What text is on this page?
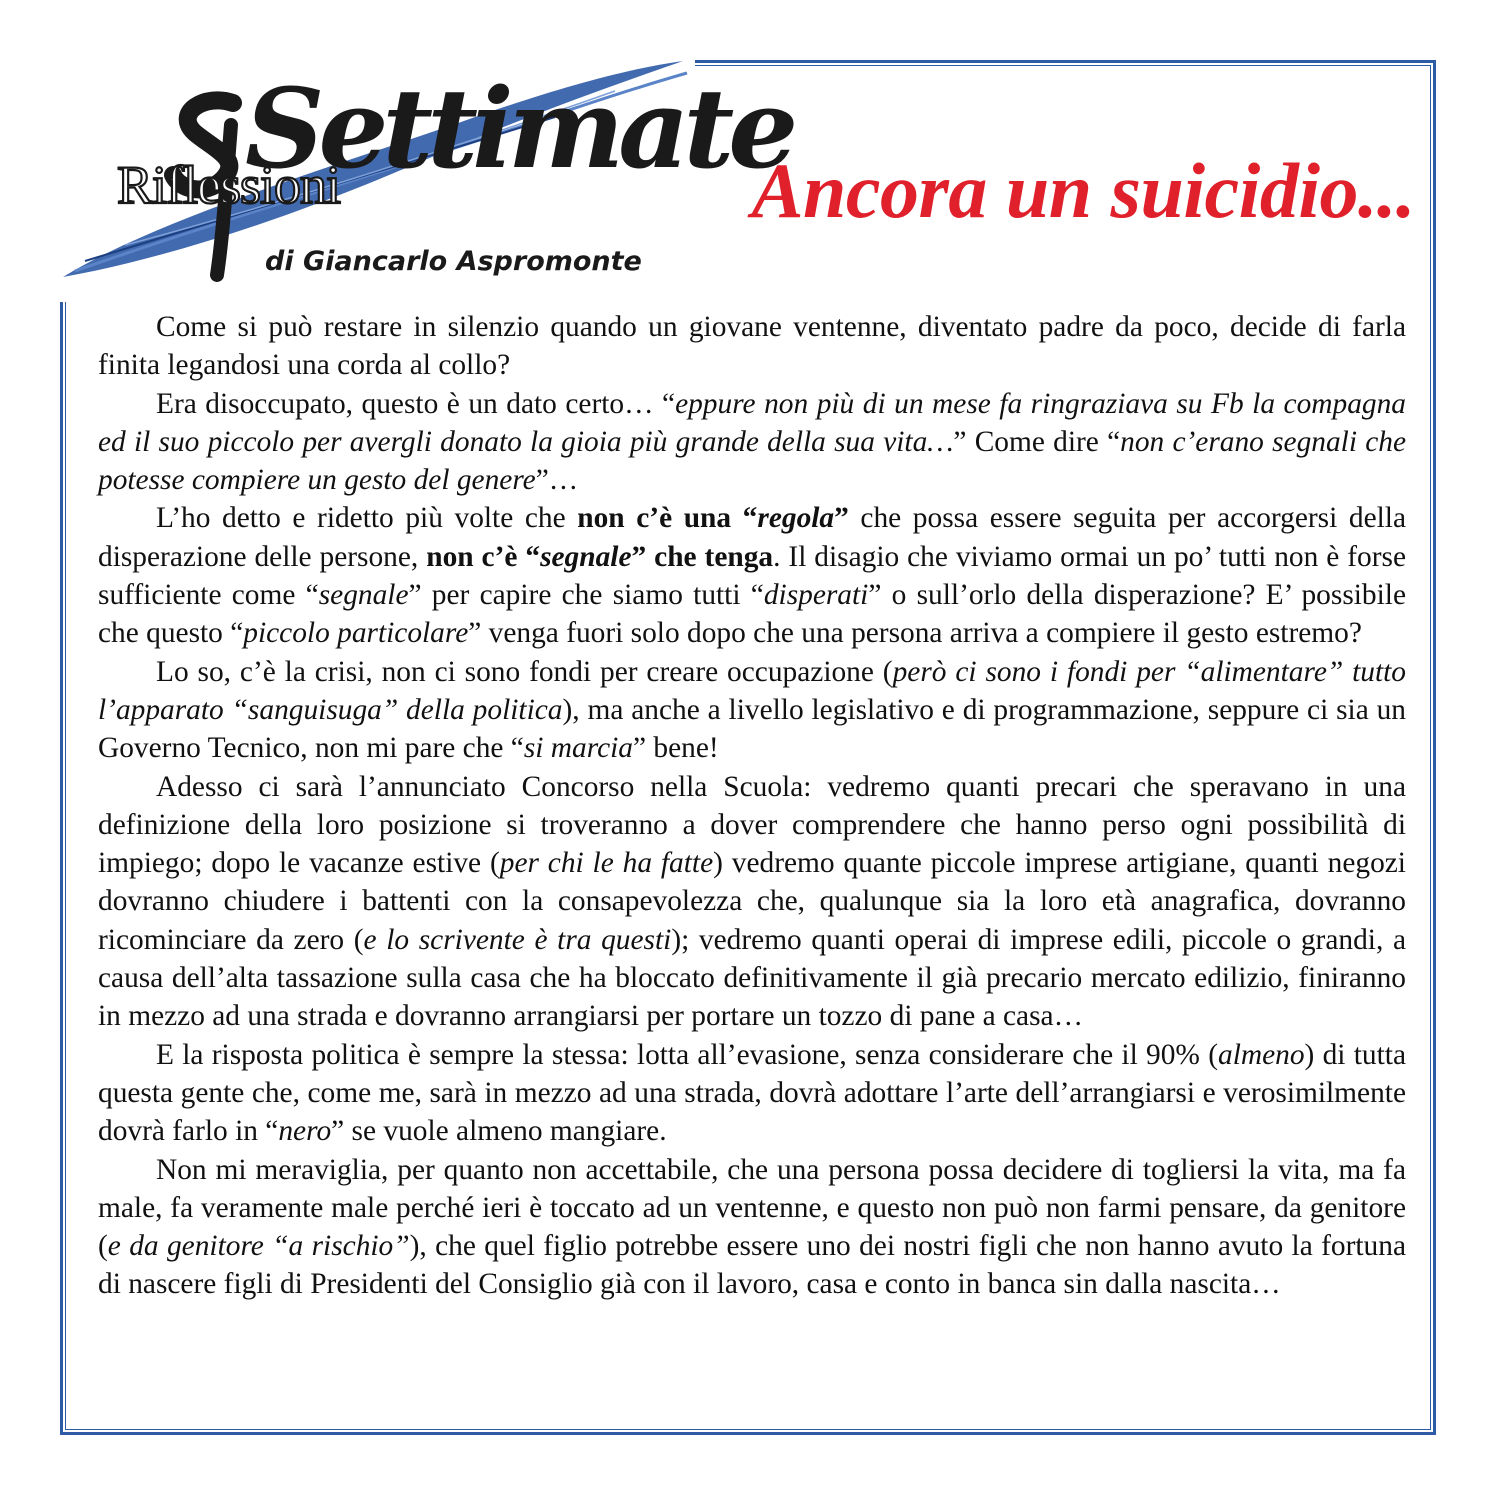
Settimate
Riflessioni
di Giancarlo Aspromonte
Ancora un suicidio...

Come si può restare in silenzio quando un giovane ventenne, diventato padre da poco, decide di farla finita legandosi una corda al collo?

Era disoccupato, questo è un dato certo… “eppure non più di un mese fa ringraziava su Fb la compagna ed il suo piccolo per avergli donato la gioia più grande della sua vita…” Come dire “non c’erano segnali che potesse compiere un gesto del genere”…

L’ho detto e ridetto più volte che non c’è una “regola” che possa essere seguita per accorgersi della disperazione delle persone, non c’è “segnale” che tenga. Il disagio che viviamo ormai un po’ tutti non è forse sufficiente come “segnale” per capire che siamo tutti “disperati” o sull’orlo della disperazione? E’ possibile che questo “piccolo particolare” venga fuori solo dopo che una persona arriva a compiere il gesto estremo?

Lo so, c’è la crisi, non ci sono fondi per creare occupazione (però ci sono i fondi per “alimentare” tutto l’apparato “sanguisuga” della politica), ma anche a livello legislativo e di programmazione, seppure ci sia un Governo Tecnico, non mi pare che “si marcia” bene!

Adesso ci sarà l’annunciato Concorso nella Scuola: vedremo quanti precari che speravano in una definizione della loro posizione si troveranno a dover comprendere che hanno perso ogni possibilità di impiego; dopo le vacanze estive (per chi le ha fatte) vedremo quante piccole imprese artigiane, quanti negozi dovranno chiudere i battenti con la consapevolezza che, qualunque sia la loro età anagrafica, dovranno ricominciare da zero (e lo scrivente è tra questi); vedremo quanti operai di imprese edili, piccole o grandi, a causa dell’alta tassazione sulla casa che ha bloccato definitivamente il già precario mercato edilizio, finiranno in mezzo ad una strada e dovranno arrangiarsi per portare un tozzo di pane a casa…

E la risposta politica è sempre la stessa: lotta all’evasione, senza considerare che il 90% (almeno) di tutta questa gente che, come me, sarà in mezzo ad una strada, dovrà adottare l’arte dell’arrangiarsi e verosimilmente dovrà farlo in “nero” se vuole almeno mangiare.

Non mi meraviglia, per quanto non accettabile, che una persona possa decidere di togliersi la vita, ma fa male, fa veramente male perché ieri è toccato ad un ventenne, e questo non può non farmi pensare, da genitore (e da genitore “a rischio”), che quel figlio potrebbe essere uno dei nostri figli che non hanno avuto la fortuna di nascere figli di Presidenti del Consiglio già con il lavoro, casa e conto in banca sin dalla nascita…
